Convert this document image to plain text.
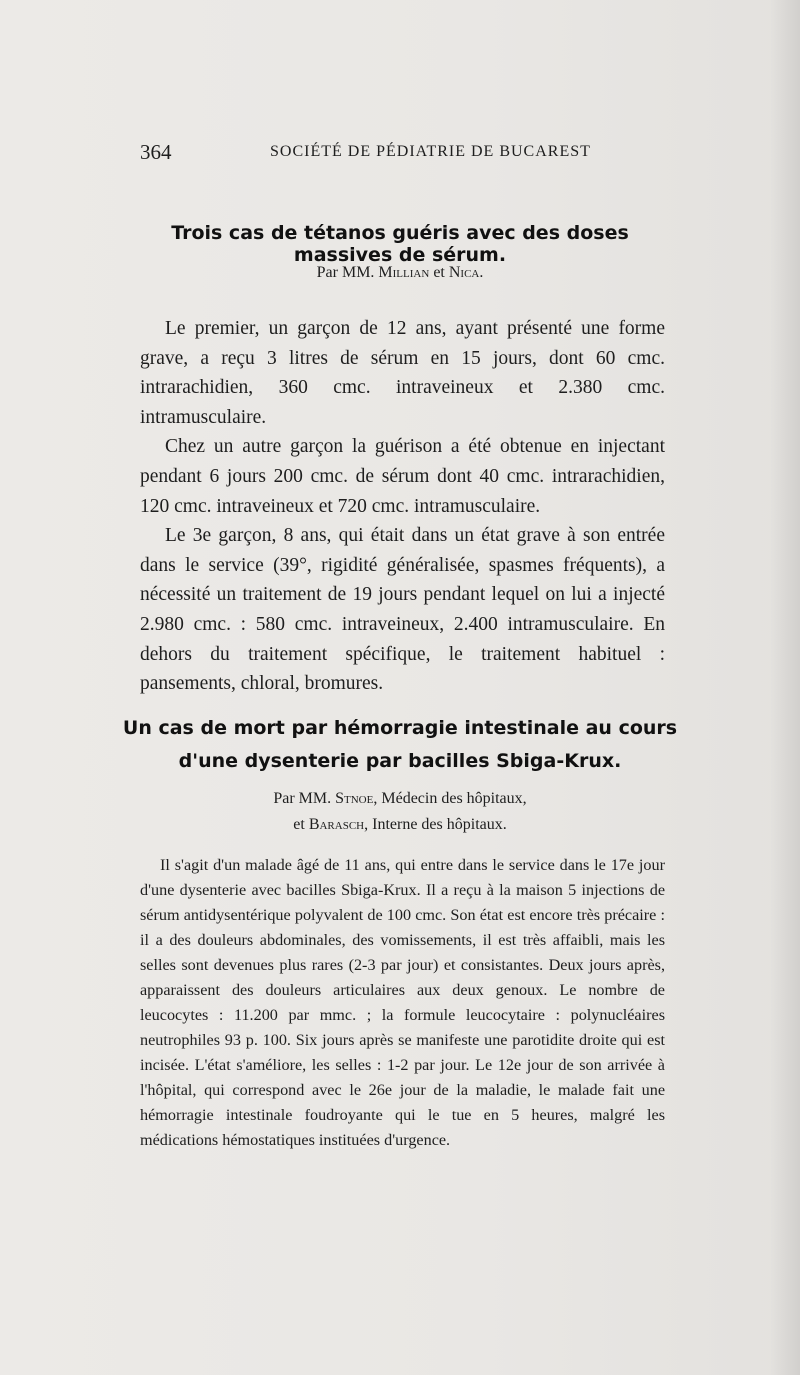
364	SOCIÉTÉ DE PÉDIATRIE DE BUCAREST
Trois cas de tétanos guéris avec des doses massives de sérum.
Par MM. Millian et Nica.

Le premier, un garçon de 12 ans, ayant présenté une forme grave, a reçu 3 litres de sérum en 15 jours, dont 60 cmc. intrarachidien, 360 cmc. intraveineux et 2.380 cmc. intramusculaire.

Chez un autre garçon la guérison a été obtenue en injectant pendant 6 jours 200 cmc. de sérum dont 40 cmc. intrarachidien, 120 cmc. intraveineux et 720 cmc. intramusculaire.

Le 3e garçon, 8 ans, qui était dans un état grave à son entrée dans le service (39°, rigidité généralisée, spasmes fréquents), a nécessité un traitement de 19 jours pendant lequel on lui a injecté 2.980 cmc. : 580 cmc. intraveineux, 2.400 intramusculaire. En dehors du traitement spécifique, le traitement habituel : pansements, chloral, bromures.

Un cas de mort par hémorragie intestinale au cours
d'une dysenterie par bacilles Sbiga-Krux.
Par MM. Stnoe, Médecin des hôpitaux,
et Barasch, Interne des hôpitaux.

Il s'agit d'un malade âgé de 11 ans, qui entre dans le service dans le 17e jour d'une dysenterie avec bacilles Sbiga-Krux. Il a reçu à la maison 5 injections de sérum antidysentérique polyvalent de 100 cmc. Son état est encore très précaire : il a des douleurs abdominales, des vomissements, il est très affaibli, mais les selles sont devenues plus rares (2-3 par jour) et consistantes. Deux jours après, apparaissent des douleurs articulaires aux deux genoux. Le nombre de leucocytes : 11.200 par mmc. ; la formule leucocytaire : polynucléaires neutrophiles 93 p. 100. Six jours après se manifeste une parotidite droite qui est incisée. L'état s'améliore, les selles : 1-2 par jour. Le 12e jour de son arrivée à l'hôpital, qui correspond avec le 26e jour de la maladie, le malade fait une hémorragie intestinale foudroyante qui le tue en 5 heures, malgré les médications hémostatiques instituées d'urgence.
